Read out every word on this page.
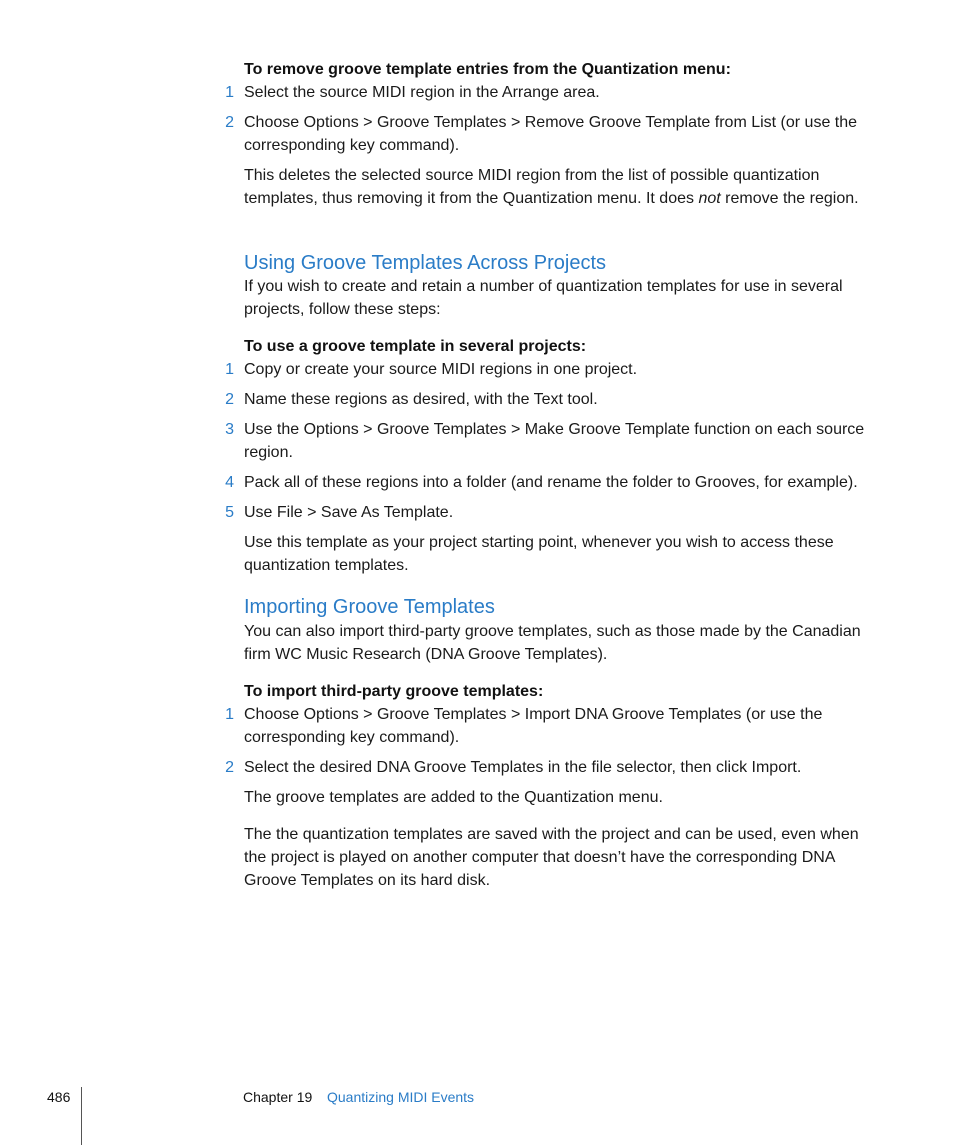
To remove groove template entries from the Quantization menu:
1 Select the source MIDI region in the Arrange area.
2 Choose Options > Groove Templates > Remove Groove Template from List (or use the corresponding key command).
This deletes the selected source MIDI region from the list of possible quantization templates, thus removing it from the Quantization menu. It does not remove the region.
Using Groove Templates Across Projects
If you wish to create and retain a number of quantization templates for use in several projects, follow these steps:
To use a groove template in several projects:
1 Copy or create your source MIDI regions in one project.
2 Name these regions as desired, with the Text tool.
3 Use the Options > Groove Templates > Make Groove Template function on each source region.
4 Pack all of these regions into a folder (and rename the folder to Grooves, for example).
5 Use File > Save As Template.
Use this template as your project starting point, whenever you wish to access these quantization templates.
Importing Groove Templates
You can also import third-party groove templates, such as those made by the Canadian firm WC Music Research (DNA Groove Templates).
To import third-party groove templates:
1 Choose Options > Groove Templates > Import DNA Groove Templates (or use the corresponding key command).
2 Select the desired DNA Groove Templates in the file selector, then click Import.
The groove templates are added to the Quantization menu.
The the quantization templates are saved with the project and can be used, even when the project is played on another computer that doesn’t have the corresponding DNA Groove Templates on its hard disk.
486	Chapter 19 Quantizing MIDI Events
